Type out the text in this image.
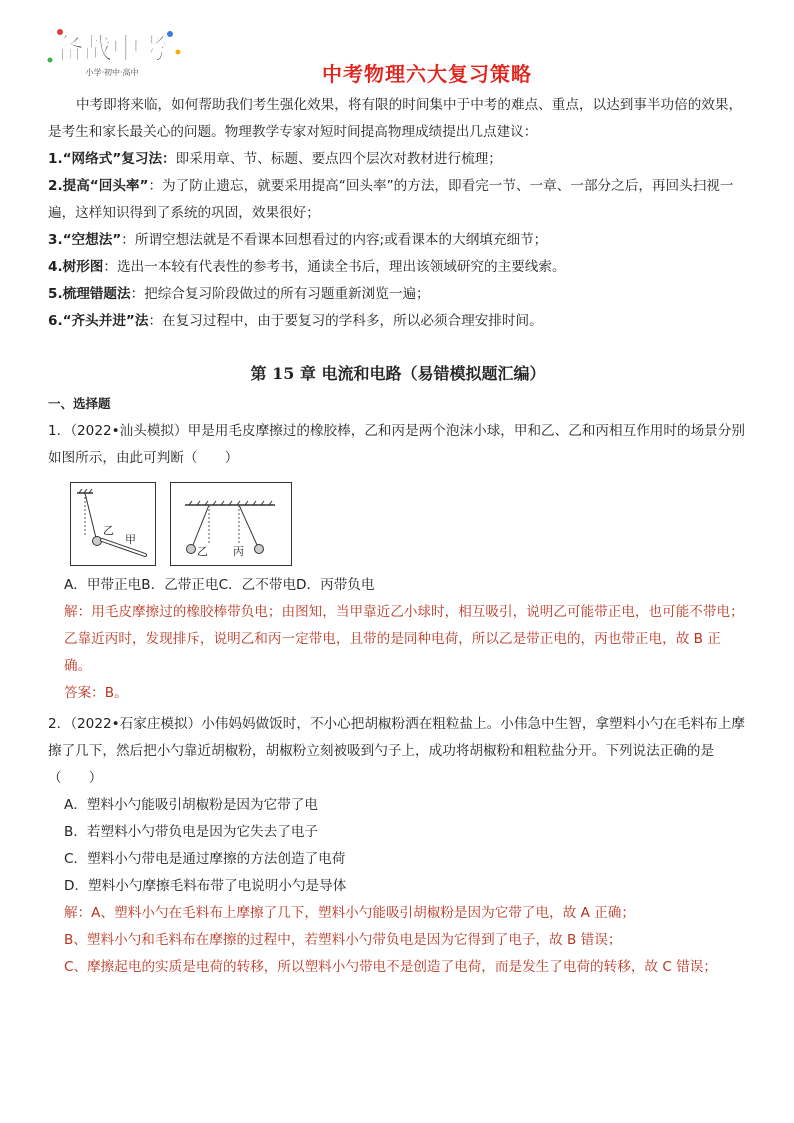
备战中考
小学·初中·高中	中考物理六大复习策略

中考即将来临，如何帮助我们考生强化效果，将有限的时间集中于中考的难点、重点，以达到事半功倍的效果，是考生和家长最关心的问题。物理教学专家对短时间提高物理成绩提出几点建议：

1.“网络式”复习法：即采用章、节、标题、要点四个层次对教材进行梳理；

2.提高“回头率”：为了防止遗忘，就要采用提高“回头率”的方法，即看完一节、一章、一部分之后，再回头扫视一遍，这样知识得到了系统的巩固，效果很好；

3.“空想法”：所谓空想法就是不看课本回想看过的内容;或看课本的大纲填充细节；

4.树形图：选出一本较有代表性的参考书，通读全书后，理出该领域研究的主要线索。

5.梳理错题法：把综合复习阶段做过的所有习题重新浏览一遍；

6.“齐头并进”法：在复习过程中，由于要复习的学科多，所以必须合理安排时间。

第 15 章 电流和电路（易错模拟题汇编）
一、选择题

1．（2022•汕头模拟）甲是用毛皮摩擦过的橡胶棒，乙和丙是两个泡沫小球，甲和乙、乙和丙相互作用时的场景分别如图所示，由此可判断（　　）

乙
甲
乙 丙

A．甲带正电 B．乙带正电 C．乙不带电 D．丙带负电

解：用毛皮摩擦过的橡胶棒带负电；由图知，当甲靠近乙小球时，相互吸引，说明乙可能带正电，也可能不带电；乙靠近丙时，发现排斥，说明乙和丙一定带电，且带的是同种电荷，所以乙是带正电的，丙也带正电，故 B 正确。

答案：B。

2．（2022•石家庄模拟）小伟妈妈做饭时，不小心把胡椒粉洒在粗粒盐上。小伟急中生智，拿塑料小勺在毛料布上摩擦了几下，然后把小勺靠近胡椒粉，胡椒粉立刻被吸到勺子上，成功将胡椒粉和粗粒盐分开。下列说法正确的是（　　）

A．塑料小勺能吸引胡椒粉是因为它带了电

B．若塑料小勺带负电是因为它失去了电子

C．塑料小勺带电是通过摩擦的方法创造了电荷

D．塑料小勺摩擦毛料布带了电说明小勺是导体

解：A、塑料小勺在毛料布上摩擦了几下，塑料小勺能吸引胡椒粉是因为它带了电，故 A 正确；

B、塑料小勺和毛料布在摩擦的过程中，若塑料小勺带负电是因为它得到了电子，故 B 错误；

C、摩擦起电的实质是电荷的转移，所以塑料小勺带电不是创造了电荷，而是发生了电荷的转移，故 C 错误；
